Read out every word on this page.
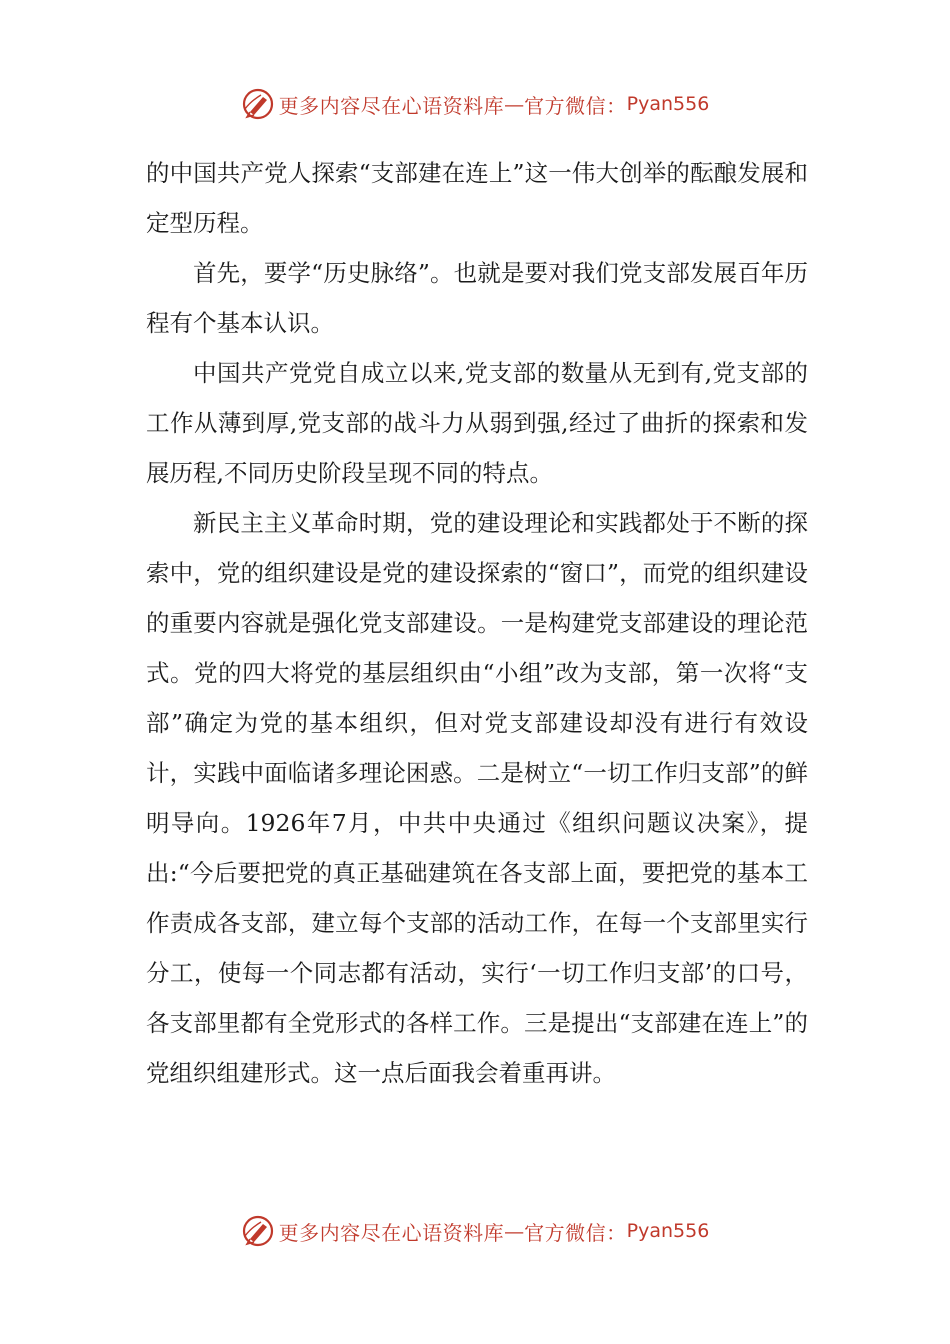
更多内容尽在心语资料库 — 官方微信： Pyan556

的中国共产党人探索“支部建在连上”这一伟大创举的酝酿发展和定型历程。

首先，要学“历史脉络”。也就是要对我们党支部发展百年历程有个基本认识。

中国共产党党自成立以来,党支部的数量从无到有,党支部的工作从薄到厚,党支部的战斗力从弱到强,经过了曲折的探索和发展历程,不同历史阶段呈现不同的特点。

新民主主义革命时期，党的建设理论和实践都处于不断的探索中，党的组织建设是党的建设探索的“窗口”，而党的组织建设的重要内容就是强化党支部建设。一是构建党支部建设的理论范式。党的四大将党的基层组织由“小组”改为支部，第一次将“支部”确定为党的基本组织，但对党支部建设却没有进行有效设计，实践中面临诸多理论困惑。二是树立“一切工作归支部”的鲜明导向。1926年7月，中共中央通过《组织问题议决案》，提出:“今后要把党的真正基础建筑在各支部上面，要把党的基本工作责成各支部，建立每个支部的活动工作，在每一个支部里实行分工，使每一个同志都有活动，实行‘一切工作归支部’的口号，各支部里都有全党形式的各样工作。三是提出“支部建在连上”的党组织组建形式。这一点后面我会着重再讲。

更多内容尽在心语资料库 — 官方微信： Pyan556
